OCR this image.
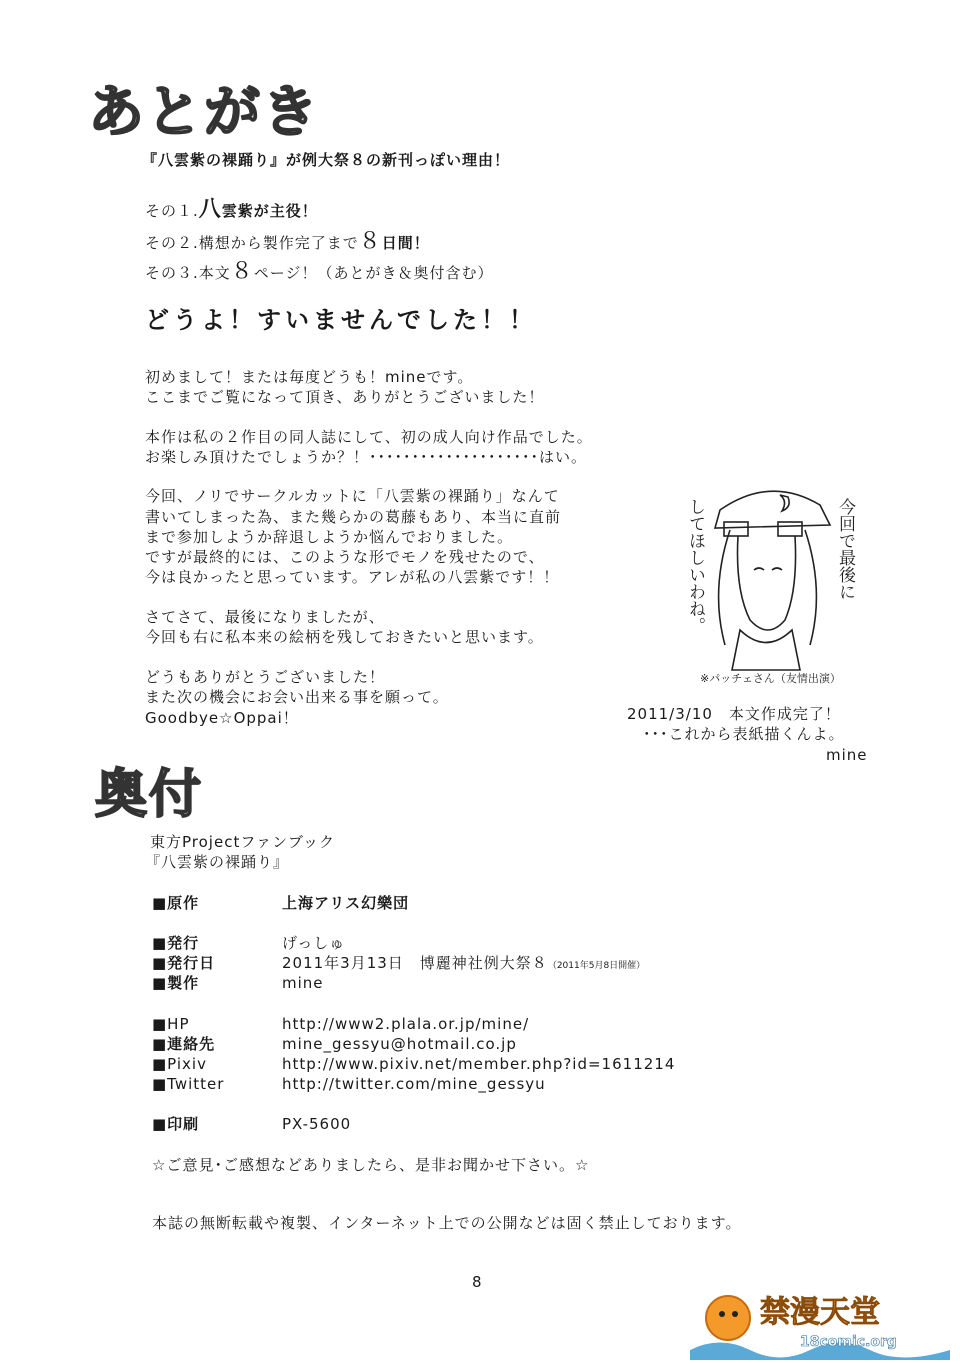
あとがき
『八雲紫の裸踊り』が例大祭８の新刊っぽい理由！
その１.八雲紫が主役！
その２.構想から製作完了まで８日間！
その３.本文８ページ！（あとがき＆奥付含む）
どうよ！すいませんでした！！
初めまして！または毎度どうも！mineです。
ここまでご覧になって頂き、ありがとうございました！
本作は私の２作目の同人誌にして、初の成人向け作品でした。
お楽しみ頂けたでしょうか？！････････････････････はい。
今回、ノリでサークルカットに「八雲紫の裸踊り」なんて
書いてしまった為、また幾らかの葛藤もあり、本当に直前
まで参加しようか辞退しようか悩んでおりました。
ですが最終的には、このような形でモノを残せたので、
今は良かったと思っています。アレが私の八雲紫です！！
さてさて、最後になりましたが、
今回も右に私本来の絵柄を残しておきたいと思います。
どうもありがとうございました！
また次の機会にお会い出来る事を願って。
Goodbye☆Oppai！
今回で最後に
してほしいわね。
※パッチェさん（友情出演）
2011/3/10　本文作成完了！
･･･これから表紙描くんよ。
mine
奥付
東方Projectファンブック
『八雲紫の裸踊り』
■原作	上海アリス幻樂団
■発行	げっしゅ
■発行日	2011年3月13日　博麗神社例大祭８（2011年5月8日開催）
■製作	mine
■HP	http://www2.plala.or.jp/mine/
■連絡先	mine_gessyu@hotmail.co.jp
■Pixiv	http://www.pixiv.net/member.php?id=1611214
■Twitter	http://twitter.com/mine_gessyu
■印刷	PX-5600
☆ご意見･ご感想などありましたら、是非お聞かせ下さい。☆
本誌の無断転載や複製、インターネット上での公開などは固く禁止しております。
8
禁漫天堂
18comic.org
